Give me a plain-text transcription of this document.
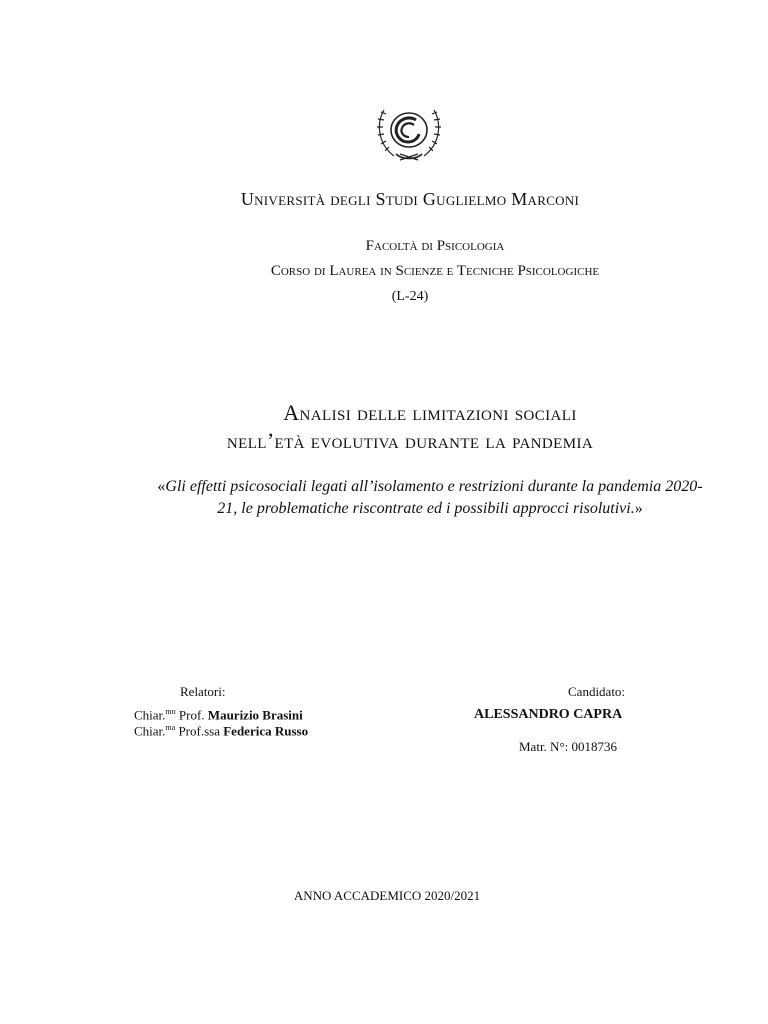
Università degli Studi Guglielmo Marconi
Facoltà di Psicologia
Corso di Laurea in Scienze e Tecniche Psicologiche
(L-24)
Analisi delle limitazioni sociali
nell’età evolutiva durante la pandemia
«Gli effetti psicosociali legati all’isolamento e restrizioni durante la pandemia 2020-21, le problematiche riscontrate ed i possibili approcci risolutivi.»
Relatori:
Chiar.$^{mo}$ Prof. Maurizio Brasini
Chiar.$^{ma}$ Prof.ssa Federica Russo
Candidato:
ALESSANDRO CAPRA
Matr. N°: 0018736
ANNO ACCADEMICO 2020/2021
